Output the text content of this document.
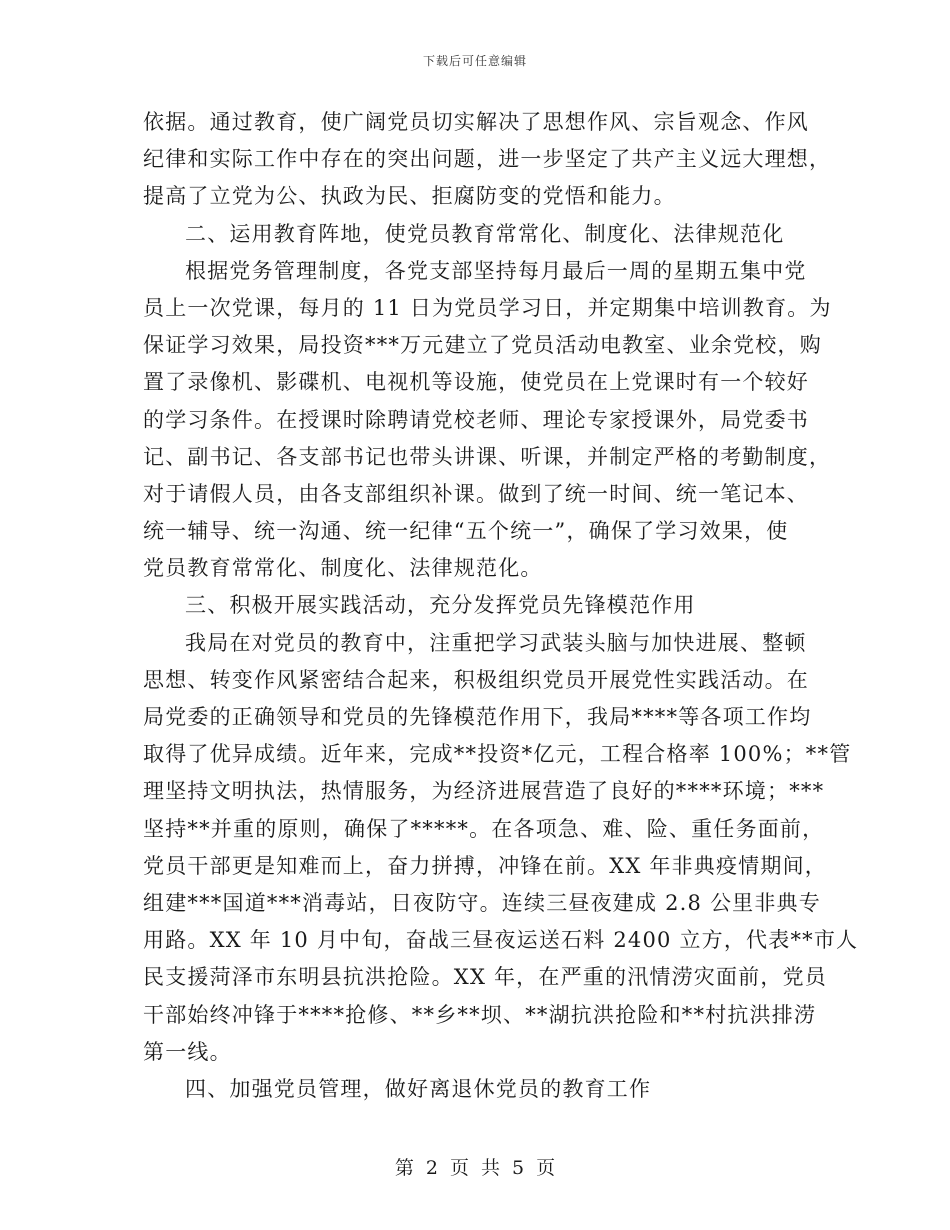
下载后可任意编辑
依据。通过教育，使广阔党员切实解决了思想作风、宗旨观念、作风
纪律和实际工作中存在的突出问题，进一步坚定了共产主义远大理想，
提高了立党为公、执政为民、拒腐防变的党悟和能力。
二、运用教育阵地，使党员教育常常化、制度化、法律规范化
根据党务管理制度，各党支部坚持每月最后一周的星期五集中党
员上一次党课，每月的 11 日为党员学习日，并定期集中培训教育。为
保证学习效果，局投资***万元建立了党员活动电教室、业余党校，购
置了录像机、影碟机、电视机等设施，使党员在上党课时有一个较好
的学习条件。在授课时除聘请党校老师、理论专家授课外，局党委书
记、副书记、各支部书记也带头讲课、听课，并制定严格的考勤制度，
对于请假人员，由各支部组织补课。做到了统一时间、统一笔记本、
统一辅导、统一沟通、统一纪律“五个统一”，确保了学习效果，使
党员教育常常化、制度化、法律规范化。
三、积极开展实践活动，充分发挥党员先锋模范作用
我局在对党员的教育中，注重把学习武装头脑与加快进展、整顿
思想、转变作风紧密结合起来，积极组织党员开展党性实践活动。在
局党委的正确领导和党员的先锋模范作用下，我局****等各项工作均
取得了优异成绩。近年来，完成**投资*亿元，工程合格率 100%；**管
理坚持文明执法，热情服务，为经济进展营造了良好的****环境；***
坚持**并重的原则，确保了*****。在各项急、难、险、重任务面前，
党员干部更是知难而上，奋力拼搏，冲锋在前。XX 年非典疫情期间，
组建***国道***消毒站，日夜防守。连续三昼夜建成 2.8 公里非典专
用路。XX 年 10 月中旬，奋战三昼夜运送石料 2400 立方，代表**市人
民支援菏泽市东明县抗洪抢险。XX 年，在严重的汛情涝灾面前，党员
干部始终冲锋于****抢修、**乡**坝、**湖抗洪抢险和**村抗洪排涝
第一线。
四、加强党员管理，做好离退休党员的教育工作
第 2 页 共 5 页
